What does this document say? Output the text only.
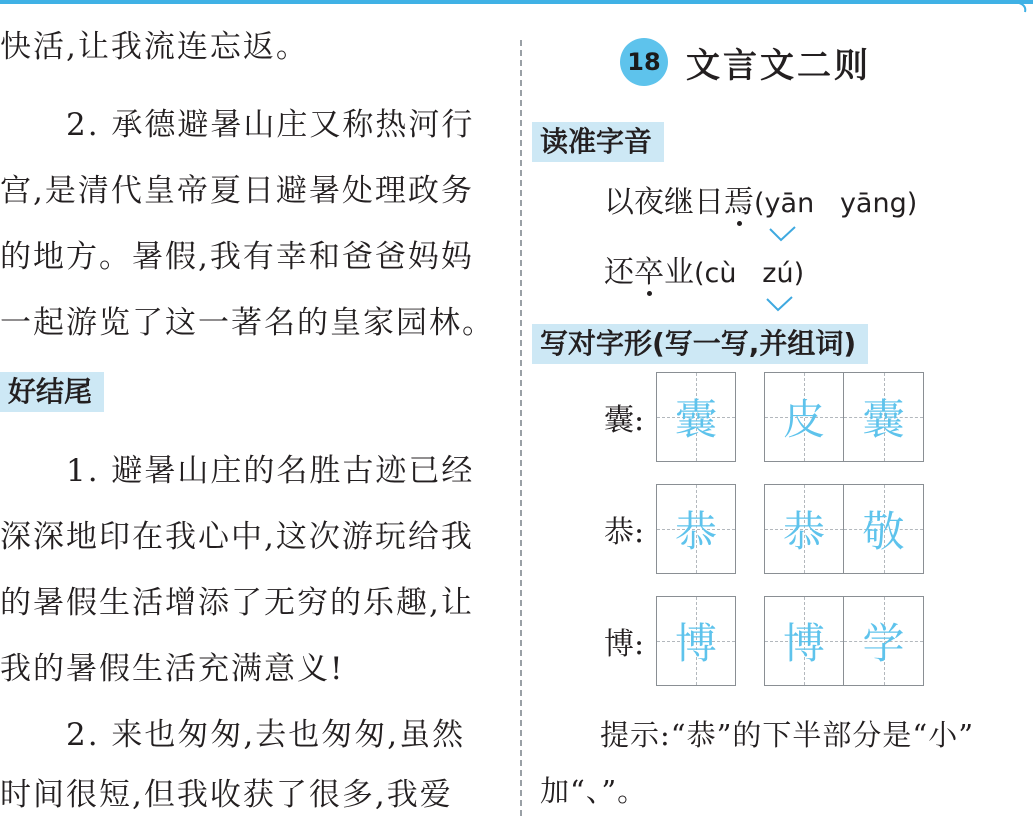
快活,让我流连忘返。
　　2. 承德避暑山庄又称热河行
宫,是清代皇帝夏日避暑处理政务
的地方。暑假,我有幸和爸爸妈妈
一起游览了这一著名的皇家园林。
好结尾
　　1. 避暑山庄的名胜古迹已经
深深地印在我心中,这次游玩给我
的暑假生活增添了无穷的乐趣,让
我的暑假生活充满意义!
　　2. 来也匆匆,去也匆匆,虽然
时间很短,但我收获了很多,我爱
18 文言文二则
读准字音
以夜继日焉(yān yāng)
还卒业(cù zú
)
写对字形(写一写,并组词)
囊: 囊 皮 囊
恭: 恭 恭 敬
博: 博 博 学
　　提示:“恭”的下半部分是“小”
加“、”。
